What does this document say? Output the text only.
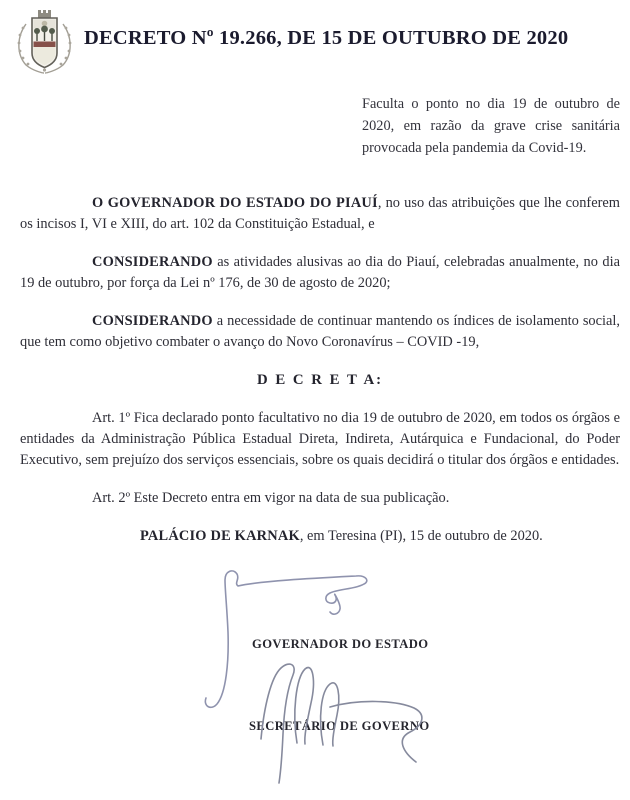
DECRETO Nº 19.266, DE 15 DE OUTUBRO DE 2020

Faculta o ponto no dia 19 de outubro de 2020, em razão da grave crise sanitária provocada pela pandemia da Covid-19.

O GOVERNADOR DO ESTADO DO PIAUÍ, no uso das atribuições que lhe conferem os incisos I, VI e XIII, do art. 102 da Constituição Estadual, e

CONSIDERANDO as atividades alusivas ao dia do Piauí, celebradas anualmente, no dia 19 de outubro, por força da Lei nº 176, de 30 de agosto de 2020;

CONSIDERANDO a necessidade de continuar mantendo os índices de isolamento social, que tem como objetivo combater o avanço do Novo Coronavírus – COVID -19,

D E C R E T A:

Art. 1º Fica declarado ponto facultativo no dia 19 de outubro de 2020, em todos os órgãos e entidades da Administração Pública Estadual Direta, Indireta, Autárquica e Fundacional, do Poder Executivo, sem prejuízo dos serviços essenciais, sobre os quais decidirá o titular dos órgãos e entidades.

Art. 2º Este Decreto entra em vigor na data de sua publicação.

PALÁCIO DE KARNAK, em Teresina (PI), 15 de outubro de 2020.

GOVERNADOR DO ESTADO
SECRETÁRIO DE GOVERNO
